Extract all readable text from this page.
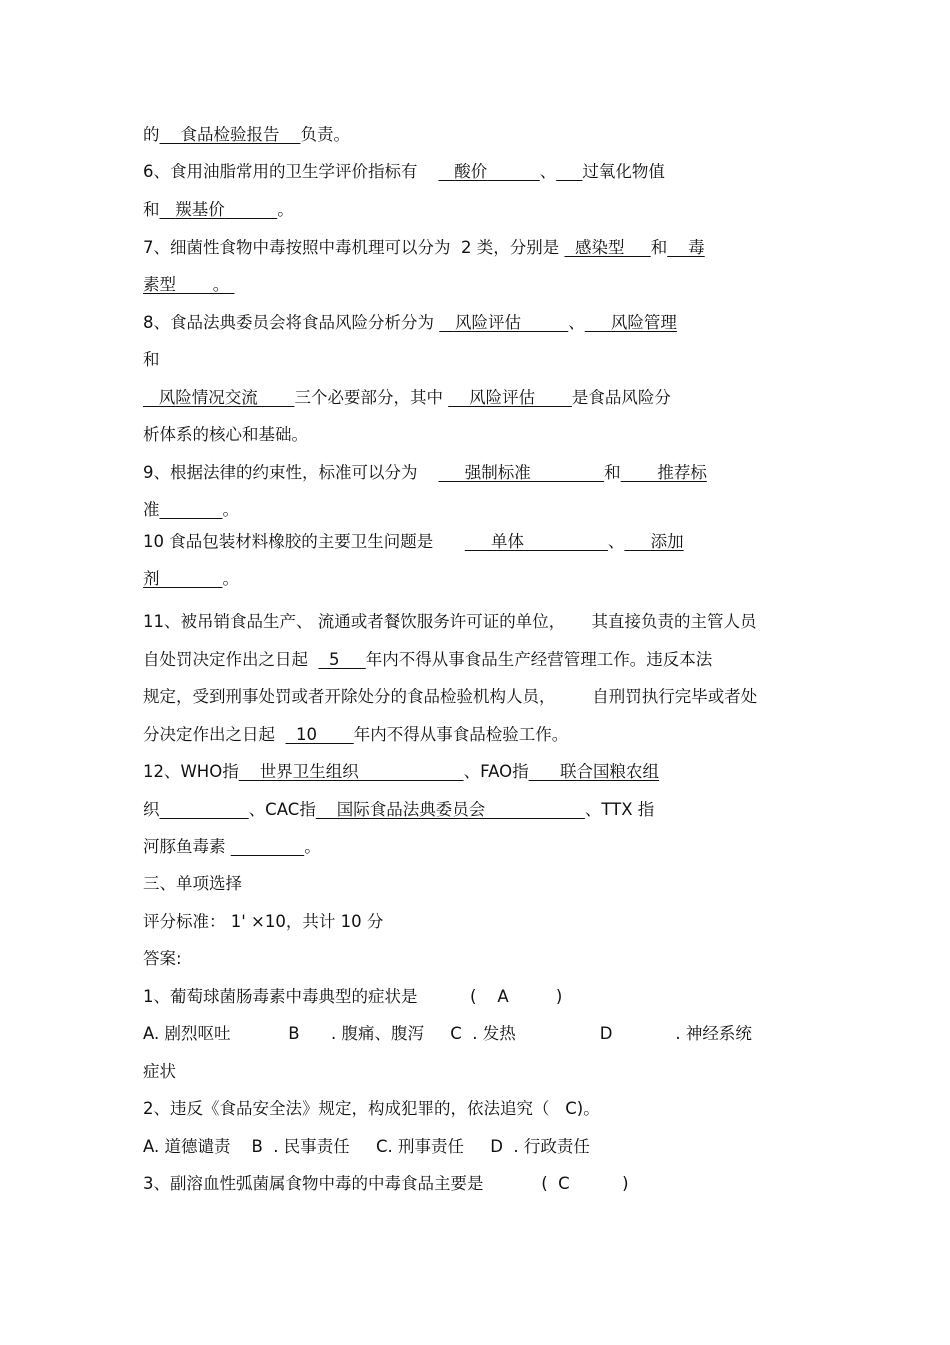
的    食品检验报告    负责。
6、食用油脂常用的卫生学评价指标有 酸价	、 过氧化物值
和 羰基价	。
7、细菌性食物中毒按照中毒机理可以分为  2 类，分别是   感染型     和    毒
素型       。
8、食品法典委员会将食品风险分析分为    风险评估         、     风险管理
和
风险情况交流       三个必要部分，其中     风险评估       是食品风险分
析体系的核心和基础。
9、根据法律的约束性，标准可以分为         强制标准              和       推荐标
准	。
10 食品包装材料橡胶的主要卫生问题是           单体                、     添加
剂	。
11、被吊销食品生产、 流通或者餐饮服务许可证的单位，     其直接负责的主管人员
自处罚决定作出之日起    5     年内不得从事食品生产经营管理工作。违反本法
规定，受到刑事处罚或者开除处分的食品检验机构人员，       自刑罚执行完毕或者处
分决定作出之日起    10       年内不得从事食品检验工作。
12、WHO指    世界卫生组织                    、FAO指      联合国粮农组
织	、CAC指    国际食品法典委员会                   、TTX 指
河豚鱼毒素	。
三、单项选择
评分标准： 1' ×10，共计 10 分
答案:
1、葡萄球菌肠毒素中毒典型的症状是	(    A         )
A. 剧烈呕吐	B . 腹痛、腹泻 C  . 发热	D	. 神经系统
症状
2、违反《食品安全法》规定，构成犯罪的，依法追究（   C)。
A. 道德谴责    B  . 民事责任     C. 刑事责任     D  . 行政责任
3、副溶血性弧菌属食物中毒的中毒食品主要是	(  C          )
